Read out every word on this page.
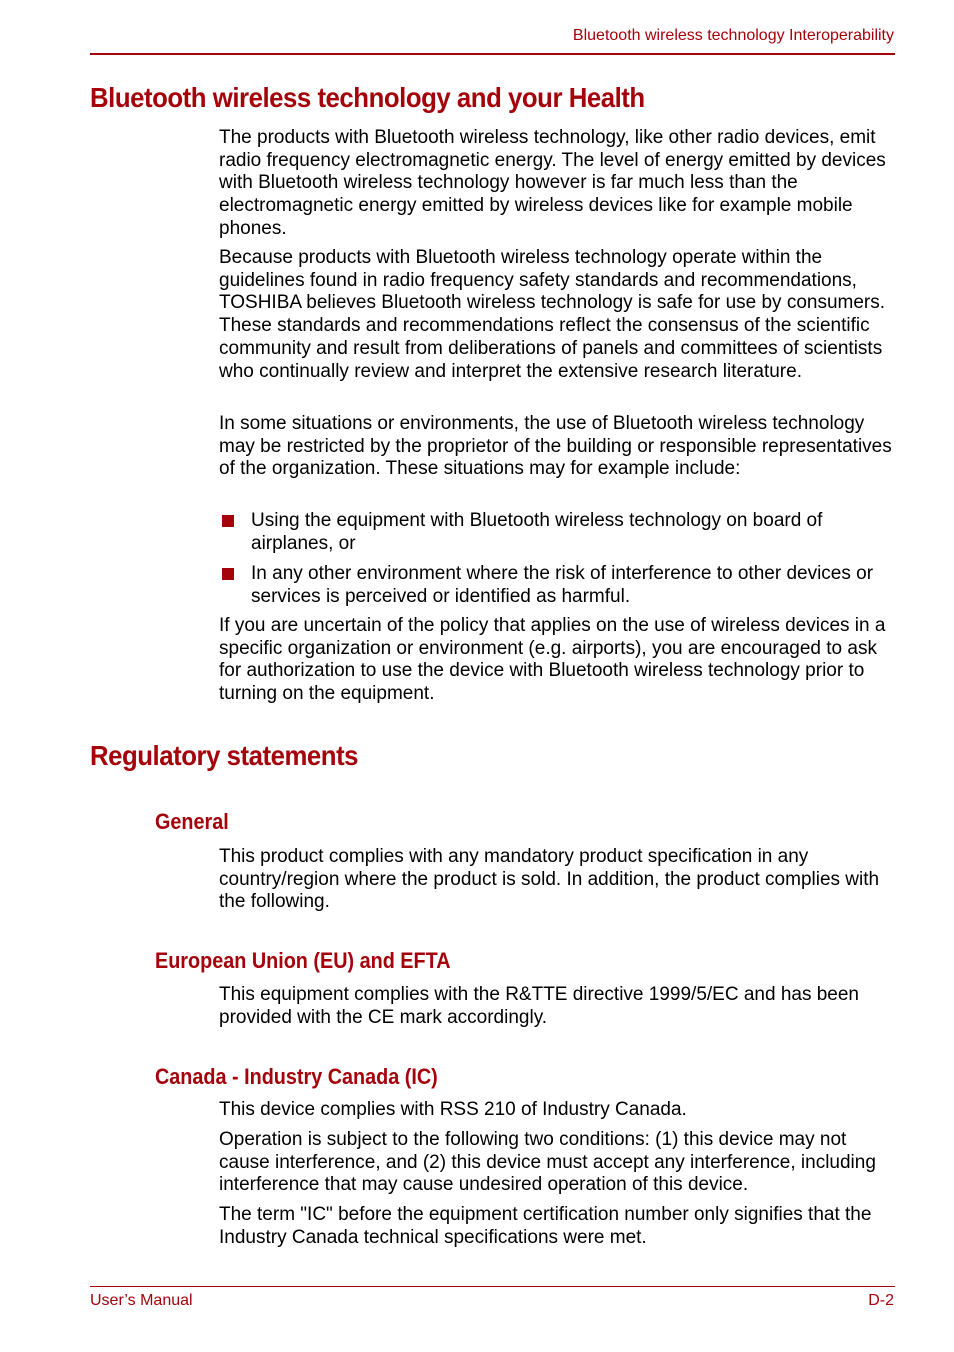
Bluetooth wireless technology Interoperability
Bluetooth wireless technology and your Health

The products with Bluetooth wireless technology, like other radio devices, emit radio frequency electromagnetic energy. The level of energy emitted by devices with Bluetooth wireless technology however is far much less than the electromagnetic energy emitted by wireless devices like for example mobile phones.

Because products with Bluetooth wireless technology operate within the guidelines found in radio frequency safety standards and recommendations, TOSHIBA believes Bluetooth wireless technology is safe for use by consumers. These standards and recommendations reflect the consensus of the scientific community and result from deliberations of panels and committees of scientists who continually review and interpret the extensive research literature.

In some situations or environments, the use of Bluetooth wireless technology may be restricted by the proprietor of the building or responsible representatives of the organization. These situations may for example include:

Using the equipment with Bluetooth wireless technology on board of airplanes, or
In any other environment where the risk of interference to other devices or services is perceived or identified as harmful.

If you are uncertain of the policy that applies on the use of wireless devices in a specific organization or environment (e.g. airports), you are encouraged to ask for authorization to use the device with Bluetooth wireless technology prior to turning on the equipment.

Regulatory statements
General

This product complies with any mandatory product specification in any country/region where the product is sold. In addition, the product complies with the following.

European Union (EU) and EFTA

This equipment complies with the R&TTE directive 1999/5/EC and has been provided with the CE mark accordingly.

Canada - Industry Canada (IC)

This device complies with RSS 210 of Industry Canada.

Operation is subject to the following two conditions: (1) this device may not cause interference, and (2) this device must accept any interference, including interference that may cause undesired operation of this device.

The term "IC" before the equipment certification number only signifies that the Industry Canada technical specifications were met.

User’s Manual	D-2
